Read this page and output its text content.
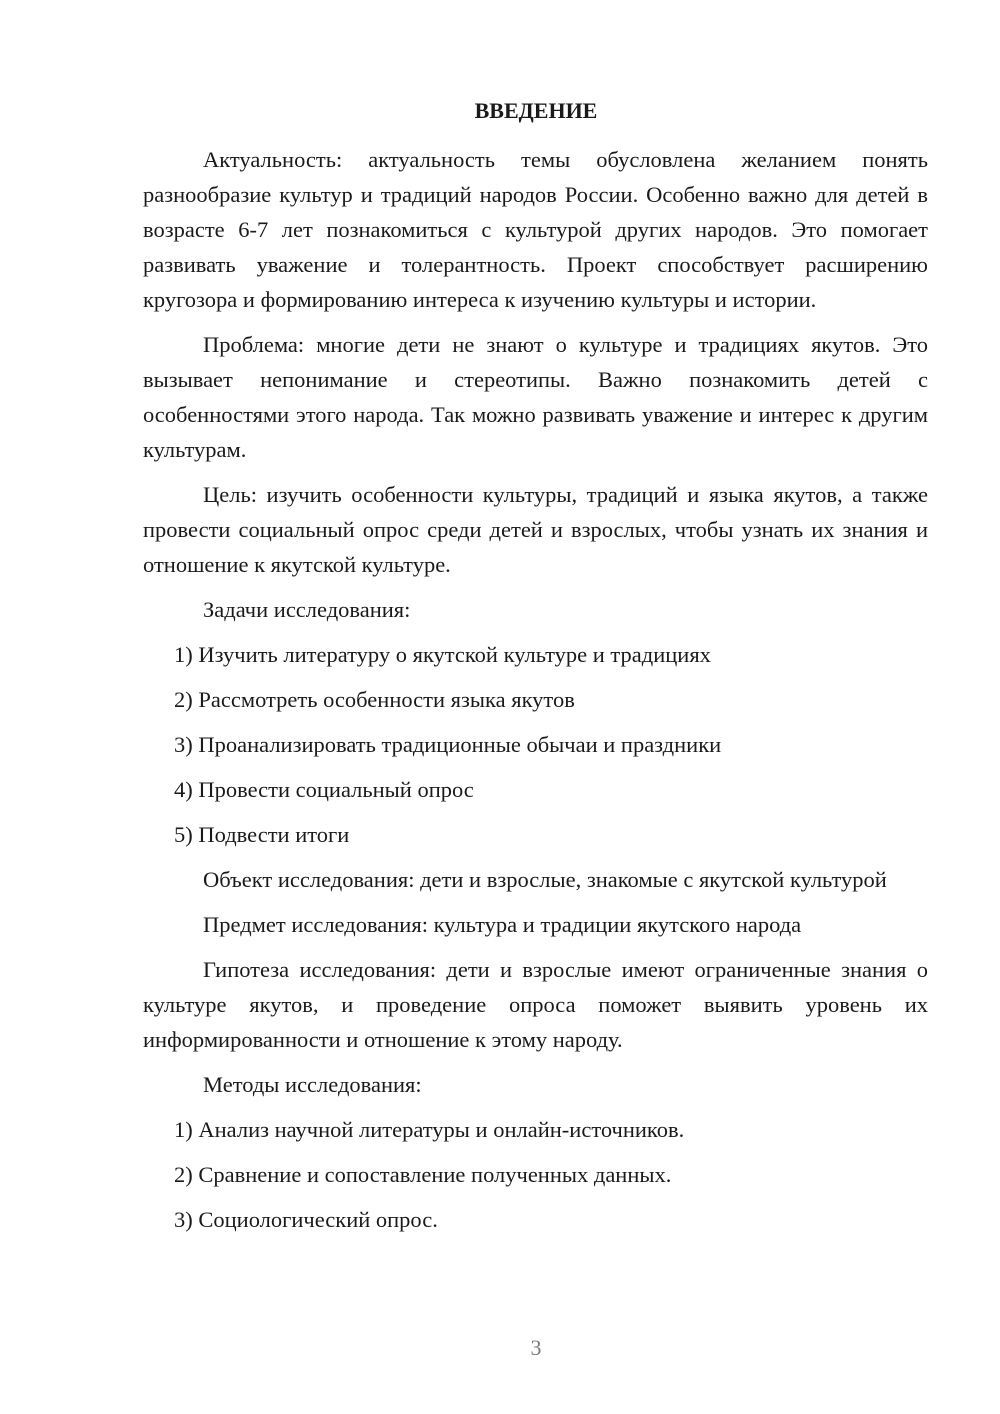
ВВЕДЕНИЕ

Актуальность: актуальность темы обусловлена желанием понять разнообразие культур и традиций народов России. Особенно важно для детей в возрасте 6-7 лет познакомиться с культурой других народов. Это помогает развивать уважение и толерантность. Проект способствует расширению кругозора и формированию интереса к изучению культуры и истории.

Проблема: многие дети не знают о культуре и традициях якутов. Это вызывает непонимание и стереотипы. Важно познакомить детей с особенностями этого народа. Так можно развивать уважение и интерес к другим культурам.

Цель: изучить особенности культуры, традиций и языка якутов, а также провести социальный опрос среди детей и взрослых, чтобы узнать их знания и отношение к якутской культуре.

Задачи исследования:

1) Изучить литературу о якутской культуре и традициях

2) Рассмотреть особенности языка якутов

3) Проанализировать традиционные обычаи и праздники

4) Провести социальный опрос

5) Подвести итоги

Объект исследования: дети и взрослые, знакомые с якутской культурой

Предмет исследования: культура и традиции якутского народа

Гипотеза исследования: дети и взрослые имеют ограниченные знания о культуре якутов, и проведение опроса поможет выявить уровень их информированности и отношение к этому народу.

Методы исследования:

1) Анализ научной литературы и онлайн-источников.

2) Сравнение и сопоставление полученных данных.

3) Социологический опрос.

3
